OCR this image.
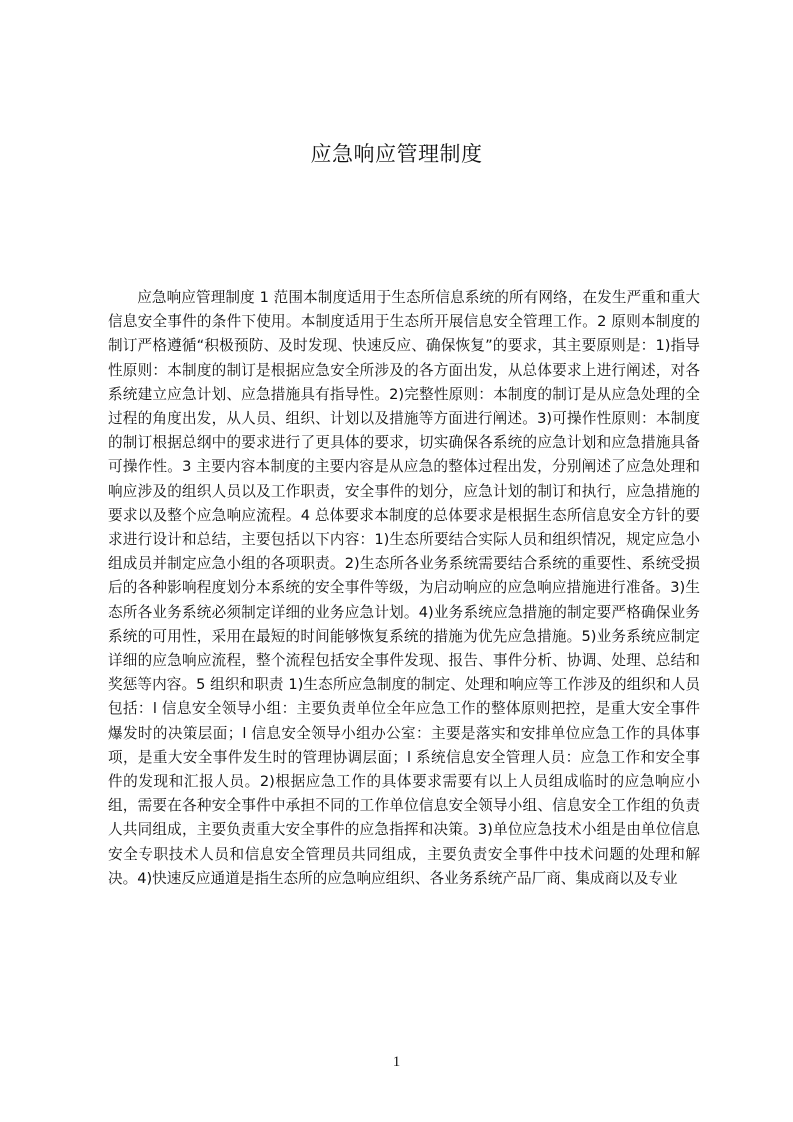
应急响应管理制度

应急响应管理制度 1 范围本制度适用于生态所信息系统的所有网络，在发生严重和重大信息安全事件的条件下使用。本制度适用于生态所开展信息安全管理工作。2 原则本制度的制订严格遵循“积极预防、及时发现、快速反应、确保恢复”的要求，其主要原则是：1)指导性原则：本制度的制订是根据应急安全所涉及的各方面出发，从总体要求上进行阐述，对各系统建立应急计划、应急措施具有指导性。2)完整性原则：本制度的制订是从应急处理的全过程的角度出发，从人员、组织、计划以及措施等方面进行阐述。3)可操作性原则：本制度的制订根据总纲中的要求进行了更具体的要求，切实确保各系统的应急计划和应急措施具备可操作性。3 主要内容本制度的主要内容是从应急的整体过程出发，分别阐述了应急处理和响应涉及的组织人员以及工作职责，安全事件的划分，应急计划的制订和执行，应急措施的要求以及整个应急响应流程。4 总体要求本制度的总体要求是根据生态所信息安全方针的要求进行设计和总结，主要包括以下内容：1)生态所要结合实际人员和组织情况，规定应急小组成员并制定应急小组的各项职责。2)生态所各业务系统需要结合系统的重要性、系统受损后的各种影响程度划分本系统的安全事件等级，为启动响应的应急响应措施进行准备。3)生态所各业务系统必须制定详细的业务应急计划。4)业务系统应急措施的制定要严格确保业务系统的可用性，采用在最短的时间能够恢复系统的措施为优先应急措施。5)业务系统应制定详细的应急响应流程，整个流程包括安全事件发现、报告、事件分析、协调、处理、总结和奖惩等内容。5 组织和职责 1)生态所应急制度的制定、处理和响应等工作涉及的组织和人员包括：l 信息安全领导小组：主要负责单位全年应急工作的整体原则把控，是重大安全事件爆发时的决策层面；l 信息安全领导小组办公室：主要是落实和安排单位应急工作的具体事项，是重大安全事件发生时的管理协调层面；l 系统信息安全管理人员：应急工作和安全事件的发现和汇报人员。2)根据应急工作的具体要求需要有以上人员组成临时的应急响应小组，需要在各种安全事件中承担不同的工作单位信息安全领导小组、信息安全工作组的负责人共同组成，主要负责重大安全事件的应急指挥和决策。3)单位应急技术小组是由单位信息安全专职技术人员和信息安全管理员共同组成，主要负责安全事件中技术问题的处理和解决。4)快速反应通道是指生态所的应急响应组织、各业务系统产品厂商、集成商以及专业

1
